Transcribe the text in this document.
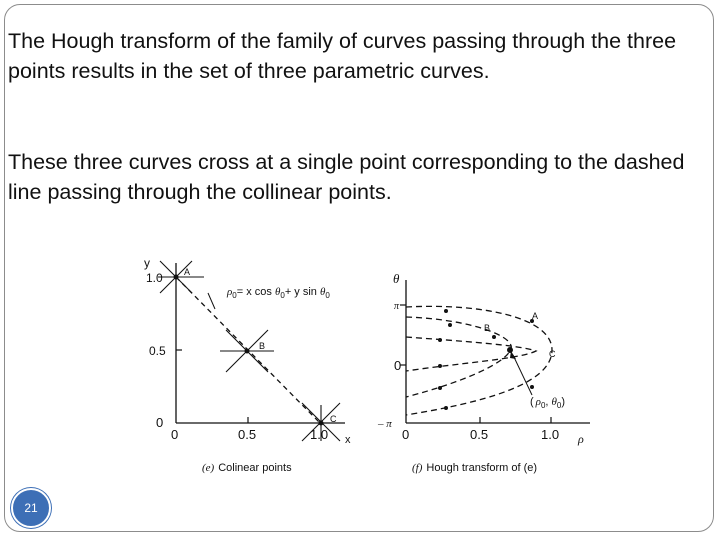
The Hough transform of the family of curves passing through the three points results in the set of three parametric curves.

These three curves cross at a single point corresponding to the dashed line passing through the collinear points.

y
1.0
0.5
0
0	0.5	1.0 x
A
B
C
$\rho_0= x$ $\cos \theta_0+ y$ $\sin \theta_0$
(e) Colinear points
θ
π
0
– π
0	0.5	1.0 ρ
A
B
C
( $\rho_0$, $\theta_0$)
(f) Hough transform of (e)
21
